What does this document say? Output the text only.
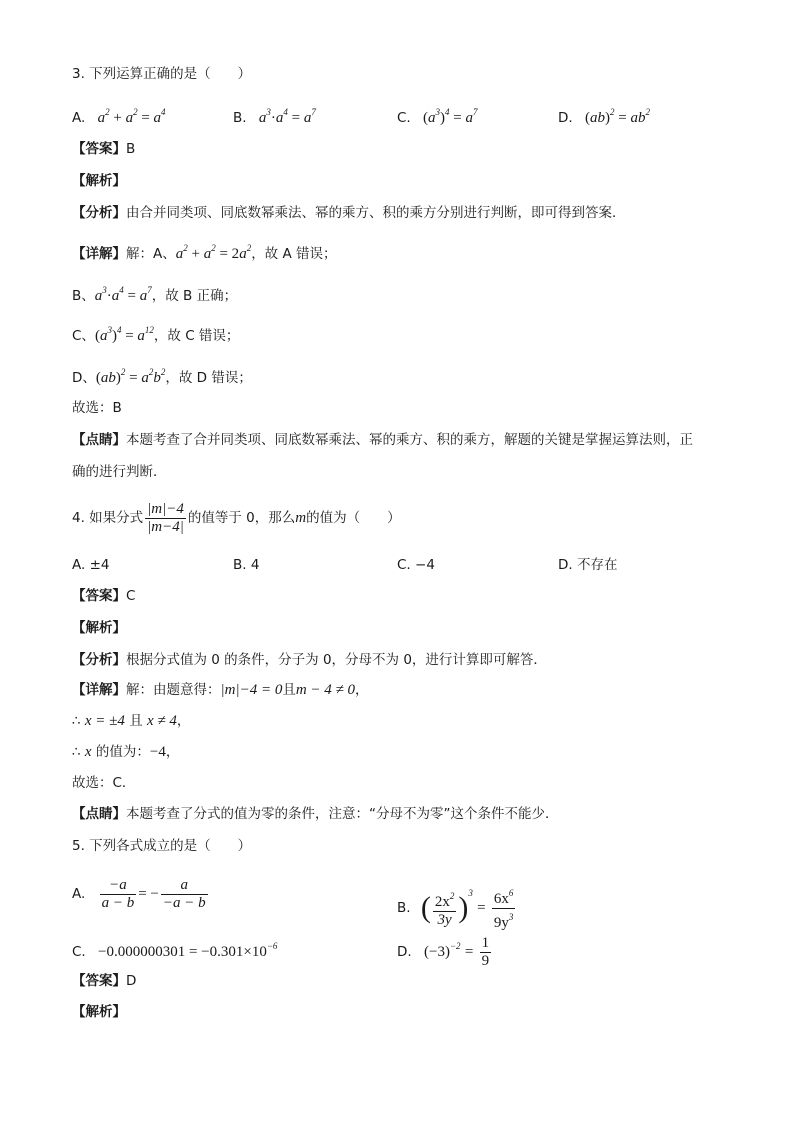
3. 下列运算正确的是（　　）
A. $a^2 + a^2 = a^4$	B. $a^3\cdot a^4 = a^7$	C. $(a^3)^4 = a^7$	D. $(ab)^2 = ab^2$
【答案】B
【解析】
【分析】由合并同类项、同底数幂乘法、幂的乘方、积的乘方分别进行判断，即可得到答案．
【详解】解：A、$a^2 + a^2 = 2a^2$，故 A 错误；
B、$a^3\cdot a^4 = a^7$，故 B 正确；
C、$(a^3)^4 = a^{12}$，故 C 错误；
D、$(ab)^2 = a^2b^2$，故 D 错误；
故选：B
【点睛】本题考查了合并同类项、同底数幂乘法、幂的乘方、积的乘方，解题的关键是掌握运算法则，正
确的进行判断．
4. 如果分式 $\frac{|m|-4}{|m-4|}$ 的值等于 0，那么m的值为（　　）
A. ±4	B. 4	C. −4	D. 不存在
【答案】C
【解析】
【分析】根据分式值为 0 的条件，分子为 0，分母不为 0，进行计算即可解答．
【详解】解：由题意得：|m|−4 = 0且m − 4 ≠ 0，
∴ x = ±4 且 x ≠ 4，
∴ x 的值为：−4，
故选：C．
【点睛】本题考查了分式的值为零的条件，注意：“分母不为零”这个条件不能少．
5. 下列各式成立的是（　　）
A. $\frac{-a}{a - b}$ = − $\frac{a}{-a - b}$	B. ( $\frac{2x^2}{3y} )^3 = \frac{6x^6}{9y^3}$
C. $-0.000000301 = -0.301\times 10^{-6}$	D. $(-3)^{-2} = \frac{1}{9}$
【答案】D
【解析】
